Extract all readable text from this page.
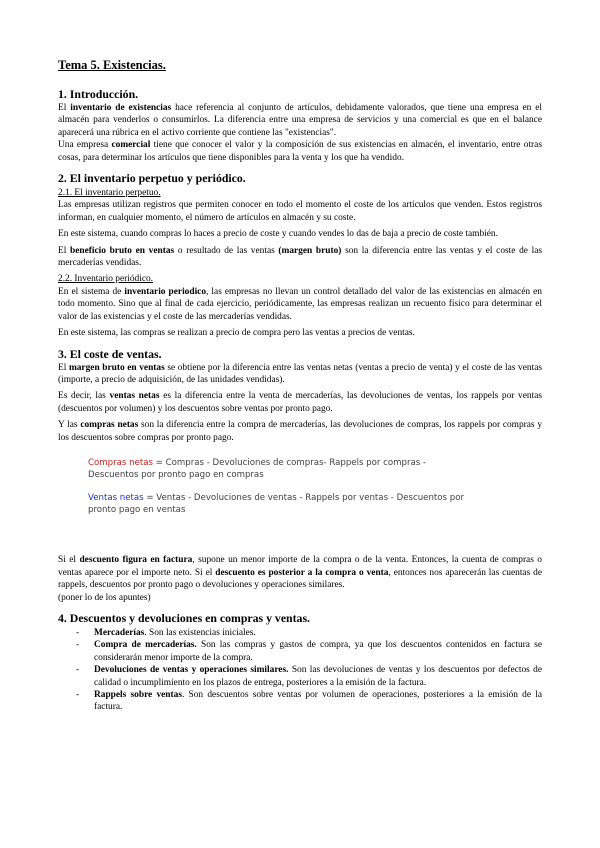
Tema 5. Existencias.
1. Introducción.

El inventario de existencias hace referencia al conjunto de artículos, debidamente valorados, que tiene una empresa en el almacén para venderlos o consumirlos. La diferencia entre una empresa de servicios y una comercial es que en el balance aparecerá una rúbrica en el activo corriente que contiene las "existencias".

Una empresa comercial tiene que conocer el valor y la composición de sus existencias en almacén, el inventario, entre otras cosas, para determinar los artículos que tiene disponibles para la venta y los que ha vendido.

2. El inventario perpetuo y periódico.

2.1. El inventario perpetuo.

Las empresas utilizan registros que permiten conocer en todo el momento el coste de los artículos que venden. Estos registros informan, en cualquier momento, el número de artículos en almacén y su coste.

En este sistema, cuando compras lo haces a precio de coste y cuando vendes lo das de baja a precio de coste también.

El beneficio bruto en ventas o resultado de las ventas (margen bruto) son la diferencia entre las ventas y el coste de las mercaderías vendidas.

2.2. Inventario periódico.

En el sistema de inventario periodico, las empresas no llevan un control detallado del valor de las existencias en almacén en todo momento. Sino que al final de cada ejercicio, periódicamente, las empresas realizan un recuento físico para determinar el valor de las existencias y el coste de las mercaderías vendidas.

En este sistema, las compras se realizan a precio de compra pero las ventas a precios de ventas.

3. El coste de ventas.

El margen bruto en ventas se obtiene por la diferencia entre las ventas netas (ventas a precio de venta) y el coste de las ventas (importe, a precio de adquisición, de las unidades vendidas).

Es decir, las ventas netas es la diferencia entre la venta de mercaderías, las devoluciones de ventas, los rappels por ventas (descuentos por volumen) y los descuentos sobre ventas por pronto pago.

Y las compras netas son la diferencia entre la compra de mercaderías, las devoluciones de compras, los rappels por compras y los descuentos sobre compras por pronto pago.

Compras netas = Compras - Devoluciones de compras- Rappels por compras - Descuentos por pronto pago en compras
Ventas netas = Ventas - Devoluciones de ventas - Rappels por ventas - Descuentos por pronto pago en ventas

Si el descuento figura en factura, supone un menor importe de la compra o de la venta. Entonces, la cuenta de compras o ventas aparece por el importe neto. Si el descuento es posterior a la compra o venta, entonces nos aparecerán las cuentas de rappels, descuentos por pronto pago o devoluciones y operaciones similares.

(poner lo de los apuntes)

4. Descuentos y devoluciones en compras y ventas.
- Mercaderías. Son las existencias iniciales.
- Compra de mercaderías. Son las compras y gastos de compra, ya que los descuentos contenidos en factura se considerarán menor importe de la compra.
- Devoluciones de ventas y operaciones similares. Son las devoluciones de ventas y los descuentos por defectos de calidad o incumplimiento en los plazos de entrega, posteriores a la emisión de la factura.
- Rappels sobre ventas. Son descuentos sobre ventas por volumen de operaciones, posteriores a la emisión de la factura.
